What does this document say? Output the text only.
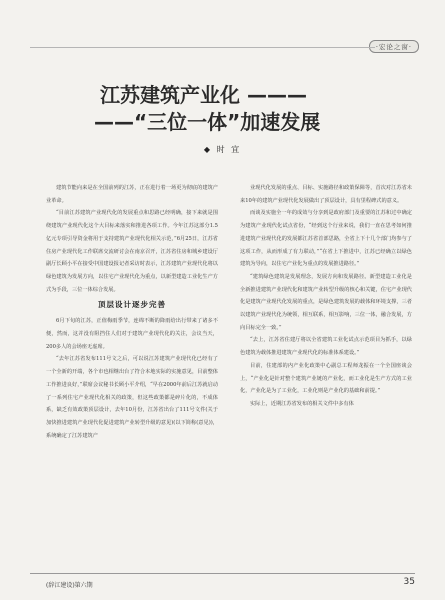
·宏论之窗·
江苏建筑产业化 ———
——“三位一体”加速发展
◆ 时 宜

建筑节能向来是在全国前列的江苏，正在进行着一场更为彻底的建筑产业革命。

“目前江苏建筑产业现代化的发展重点和思路已经明确，接下来就是围绕建筑产业现代化这个大目标来落实和推进各项工作。今年江苏这部分1.5亿元专项引导资金将用于支持建筑产业现代化相关示范，”6月25日，江苏省住房产业现代化工作联席交流研讨会在南京召开，江苏省住房和城乡建设厅副厅长顾小平在接受中国建设报记者采访时表示，江苏建筑产业现代化将以绿色建筑为发展方向，以住宅产业现代化为重点，以新型建造工业化生产方式为手段，三位一体综合发展。

顶层设计逐步完善

6月下旬的江苏，正值梅雨季节，连绵不断的降雨给出行带来了诸多不便，然而，这并没有阻挡住人们对于建筑产业现代化的关注，会议当天，200多人的会场座无虚席。

“去年江苏省发布111号文之后，可以说江苏建筑产业现代化已经有了一个全新的开端，各个市也相继出台了符合本地实际的实施意见，目前整体工作推进良好，”联席会议秘书长顾小平介绍，“早在2000年前后江苏就启动了一系列住宅产业现代化相关的政策，但这些政策都是碎片化的，不成体系，缺乏有效政策顶层设计，去年10月份，江苏省出台了111号文件(关于加快推进建筑产业现代化促进建筑产业转型升级的意见)(以下简称(意见))，系统确定了江苏建筑产

业现代化发展的重点、目标、实施路径和政策保障等，首次对江苏省未来10年的建筑产业现代化发展做出了顶层设计，具有里程碑式的意义。

而谈及实施全一年的成效与分享到是政府部门及重要的江苏和过中确定为建筑产业现代化试点省份，“经到这个行业来说，我们一直在思考如何推进建筑产业现代化的发展都江苏省首部思路，全省上下十几个部门均参与了这项工作，从而形成了有力联动，”“在省上下推进中，江苏已经确立以绿色建筑为导向，以住宅产业化为重点的发展推进路径。”

“建筑绿色建筑是发展理念，发展方向和发展路径。新型建造工业化是全新推进建筑产业现代化和建筑产业转型升级的核心和关键，住宅产业现代化是建筑产业现代化发展的重点，是绿色建筑发展的载体和环境支撑，三者以建筑产业现代化为统领，相互联系，相互影响，三位一体，融合发展，方向目标完全一致。”

“去上，江苏省住建厅将以全省建筑工业化试点示范项目为抓手，以绿色建筑为载体推进建筑产业现代化的标准体系建设。”

目前，住建部的内产业化政策中心副总工程师龙振在一个全国座谈会上，“产业化是针对整个建筑产业链的产业化，而工业化是生产方式的工业化，产业化是为了工业化，工业化则是产业化的基础和前提。”

实际上，近期江苏省发布的相关文件中多有体

(辞江建设)第六期	35
